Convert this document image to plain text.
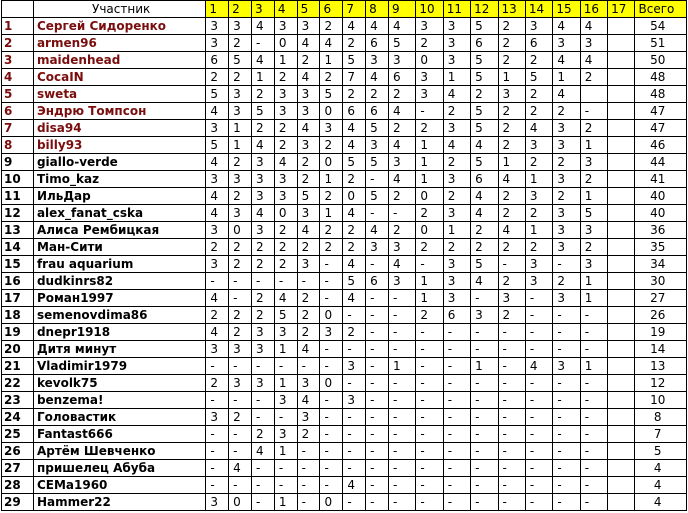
	Участник	1	2	3	4	5	6	7	8	9	10	11	12	13	14	15	16	17	Всего
1	Сергей Сидоренко	3	3	4	3	3	2	4	4	4	3	3	5	2	3	4	4		54
2	armen96	3	2	-	0	4	4	2	6	5	2	3	6	2	6	3	3		51
3	maidenhead	6	5	4	1	2	1	5	3	3	0	3	5	2	2	4	4		50
4	CocaIN	2	2	1	2	4	2	7	4	6	3	1	5	1	5	1	2		48
5	sweta	5	3	2	3	3	5	2	2	2	3	4	2	3	2	4			48
6	Эндрю Томпсон	4	3	5	3	3	0	6	6	4	-	2	5	2	2	2	-		47
7	disa94	3	1	2	2	4	3	4	5	2	2	3	5	2	4	3	2		47
8	billy93	5	1	4	2	3	2	4	3	4	1	4	4	2	3	3	1		46
9	giallo-verde	4	2	3	4	2	0	5	5	3	1	2	5	1	2	2	3		44
10	Timo_kaz	3	3	3	3	2	1	2	-	4	1	3	6	4	1	3	2		41
11	ИльДар	4	2	3	3	5	2	0	5	2	0	2	4	2	3	2	1		40
12	alex_fanat_cska	4	3	4	0	3	1	4	-	-	2	3	4	2	2	3	5		40
13	Алиса Рембицкая	3	0	3	2	4	2	2	4	2	0	1	2	4	1	3	3		36
14	Ман-Сити	2	2	2	2	2	2	2	3	3	2	2	2	2	2	3	2		35
15	frau aquarium	3	2	2	2	3	-	4	-	4	-	3	5	-	3	-	3		34
16	dudkinrs82	-	-	-	-	-	-	5	6	3	1	3	4	2	3	2	1		30
17	Роман1997	4	-	2	4	2	-	4	-	-	1	3	-	3	-	3	1		27
18	semenovdima86	2	2	2	5	2	0	-	-	-	2	6	3	2	-	-	-		26
19	dnepr1918	4	2	3	3	2	3	2	-	-	-	-	-	-	-	-	-		19
20	Дитя минут	3	3	3	1	4	-	-	-	-	-	-	-	-	-	-	-		14
21	Vladimir1979	-	-	-	-	-	-	3	-	1	-	-	1	-	4	3	1		13
22	kevolk75	2	3	3	1	3	0	-	-	-	-	-	-	-	-	-	-		12
23	benzema!	-	-	-	3	4	-	3	-	-	-	-	-	-	-	-	-		10
24	Головастик	3	2	-	-	3	-	-	-	-	-	-	-	-	-	-	-		8
25	Fantast666	-	-	2	3	2	-	-	-	-	-	-	-	-	-	-	-		7
26	Артём Шевченко	-	-	4	1	-	-	-	-	-	-	-	-	-	-	-	-		5
27	пришелец Абуба	-	4	-	-	-	-	-	-	-	-	-	-	-	-	-	-		4
28	CEMa1960	-	-	-	-	-	-	4	-	-	-	-	-	-	-	-	-		4
29	Hammer22	3	0	-	1	-	0	-	-	-	-	-	-	-	-	-	-		4
